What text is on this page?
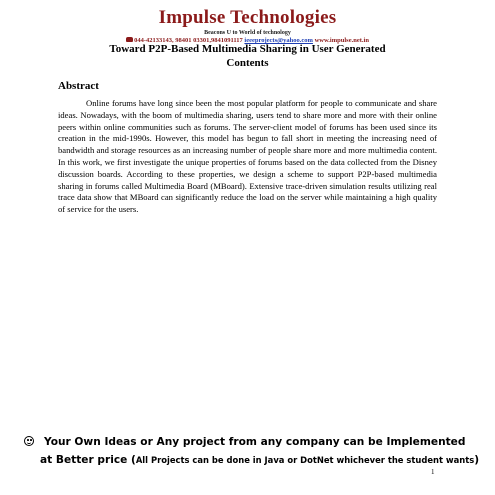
Impulse Technologies
Beacons U to World of technology
044-42133143, 98401 03301,9841091117 ieeeprojects@yahoo.com www.impulse.net.in
Toward P2P-Based Multimedia Sharing in User Generated
Contents
Abstract
Online forums have long since been the most popular platform for people to communicate and share ideas. Nowadays, with the boom of multimedia sharing, users tend to share more and more with their online peers within online communities such as forums. The server-client model of forums has been used since its creation in the mid-1990s. However, this model has begun to fall short in meeting the increasing need of bandwidth and storage resources as an increasing number of people share more and more multimedia content. In this work, we first investigate the unique properties of forums based on the data collected from the Disney discussion boards. According to these properties, we design a scheme to support P2P-based multimedia sharing in forums called Multimedia Board (MBoard). Extensive trace-driven simulation results utilizing real trace data show that MBoard can significantly reduce the load on the server while maintaining a high quality of service for the users.
Your Own Ideas or Any project from any company can be Implemented
at Better price (All Projects can be done in Java or DotNet whichever the student wants)
1
